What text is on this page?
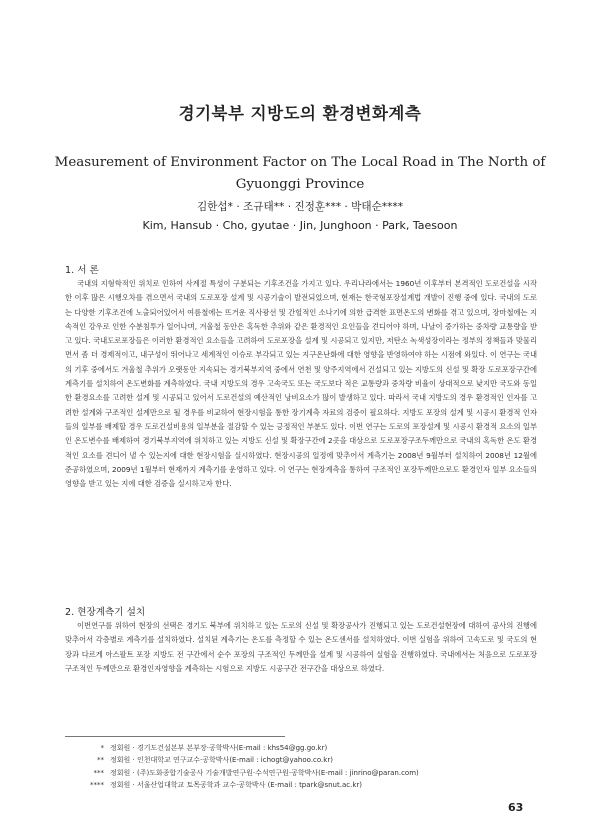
경기북부 지방도의 환경변화계측
Measurement of Environment Factor on The Local Road in The North of Gyuonggi Province
김한섭* · 조규태** · 진정훈*** · 박태순****
Kim, Hansub · Cho, gyutae · Jin, Junghoon · Park, Taesoon
1. 서 론

국내의 지형학적인 위치로 인하여 사계절 특성이 구분되는 기후조건을 가지고 있다. 우리나라에서는 1960년 이후부터 본격적인 도로건설을 시작한 이후 많은 시행오차를 겪으면서 국내의 도로포장 설계 및 시공기술이 발전되었으며, 현재는 한국형포장설계법 개발이 진행 중에 있다. 국내의 도로는 다양한 기후조건에 노출되어있어서 여름철에는 뜨거운 직사광선 및 간헐적인 소나기에 의한 급격한 표면온도의 변화를 겪고 있으며, 장마철에는 지속적인 강우로 인한 수분침투가 일어나며, 겨울철 동안은 혹독한 추위와 같은 환경적인 요인들을 견디어야 하며, 나날이 증가하는 중차량 교통량을 받고 있다. 국내도로포장들은 이러한 환경적인 요소들을 고려하여 도로포장을 설계 및 시공되고 있지만, 저탄소 녹색성장이라는 정부의 정책들과 맞물리면서 좀 더 경제적이고, 내구성이 뛰어나고 세계적인 이슈로 부각되고 있는 지구온난화에 대한 영향을 반영하여야 하는 시점에 와있다. 이 연구는 국내의 기후 중에서도 겨울철 추위가 오랫동안 지속되는 경기북부지역 중에서 연천 및 양주지역에서 건설되고 있는 지방도의 신설 및 확장 도로포장구간에 계측기를 설치하여 온도변화를 계측하였다. 국내 지방도의 경우 고속국도 또는 국도보다 적은 교통량과 중차량 비율이 상대적으로 낮지만 국도와 동일한 환경요소를 고려한 설계 및 시공되고 있어서 도로건설의 예산적인 낭비요소가 많이 발생하고 있다. 따라서 국내 지방도의 경우 환경적인 인자를 고려한 설계와 구조적인 설계만으로 될 경우를 비교하여 현장시험을 통한 장기계측 자료의 검증이 필요하다. 지방도 포장의 설계 및 시공시 환경적 인자들의 일부를 배제할 경우 도로건설비용의 일부분을 절감할 수 있는 긍정적인 부분도 있다. 이번 연구는 도로의 포장설계 및 시공시 환경적 요소의 일부인 온도변수를 배제하여 경기북부지역에 위치하고 있는 지방도 신설 및 확장구간에 2곳을 대상으로 도로포장구조두께만으로 국내의 혹독한 온도 환경적인 요소를 견디어 낼 수 있는지에 대한 현장시험을 실시하였다. 현장시공의 일정에 맞추어서 계측기는 2008년 9월부터 설치하여 2008년 12월에 준공하였으며, 2009년 1월부터 현재까지 계측기를 운영하고 있다. 이 연구는 현장계측을 통하여 구조적인 포장두께만으로도 환경인자 일부 요소들의 영향을 받고 있는 지에 대한 검증을 실시하고자 한다.

2. 현장계측기 설치

이번연구를 위하여 현장의 선택은 경기도 북부에 위치하고 있는 도로의 신설 및 확장공사가 진행되고 있는 도로건설현장에 대하여 공사의 진행에 맞추어서 각층별로 계측기를 설치하였다. 설치된 계측기는 온도를 측정할 수 있는 온도센서를 설치하였다. 이번 실험을 위하여 고속도로 및 국도의 현장과 다르게 아스팔트 포장 지방도 전 구간에서 순수 포장의 구조적인 두께만을 설계 및 시공하여 실험을 진행하였다. 국내에서는 처음으로 도로포장구조적인 두께만으로 환경인자영향을 계측하는 시험으로 지방도 시공구간 전구간을 대상으로 하였다.

* 정회원 · 경기도건설본부 본부장·공학박사(E-mail : khs54@gg.go.kr)
** 정회원 · 인천대학교 연구교수·공학박사(E-mail : ichogt@yahoo.co.kr)
*** 정회원 · (주)도화종합기술공사 기술개발연구원·수석연구원·공학박사(E-mail : jinrino@paran.com)
**** 정회원 · 서울산업대학교 토목공학과 교수·공학박사 (E-mail : tpark@snut.ac.kr)
63
